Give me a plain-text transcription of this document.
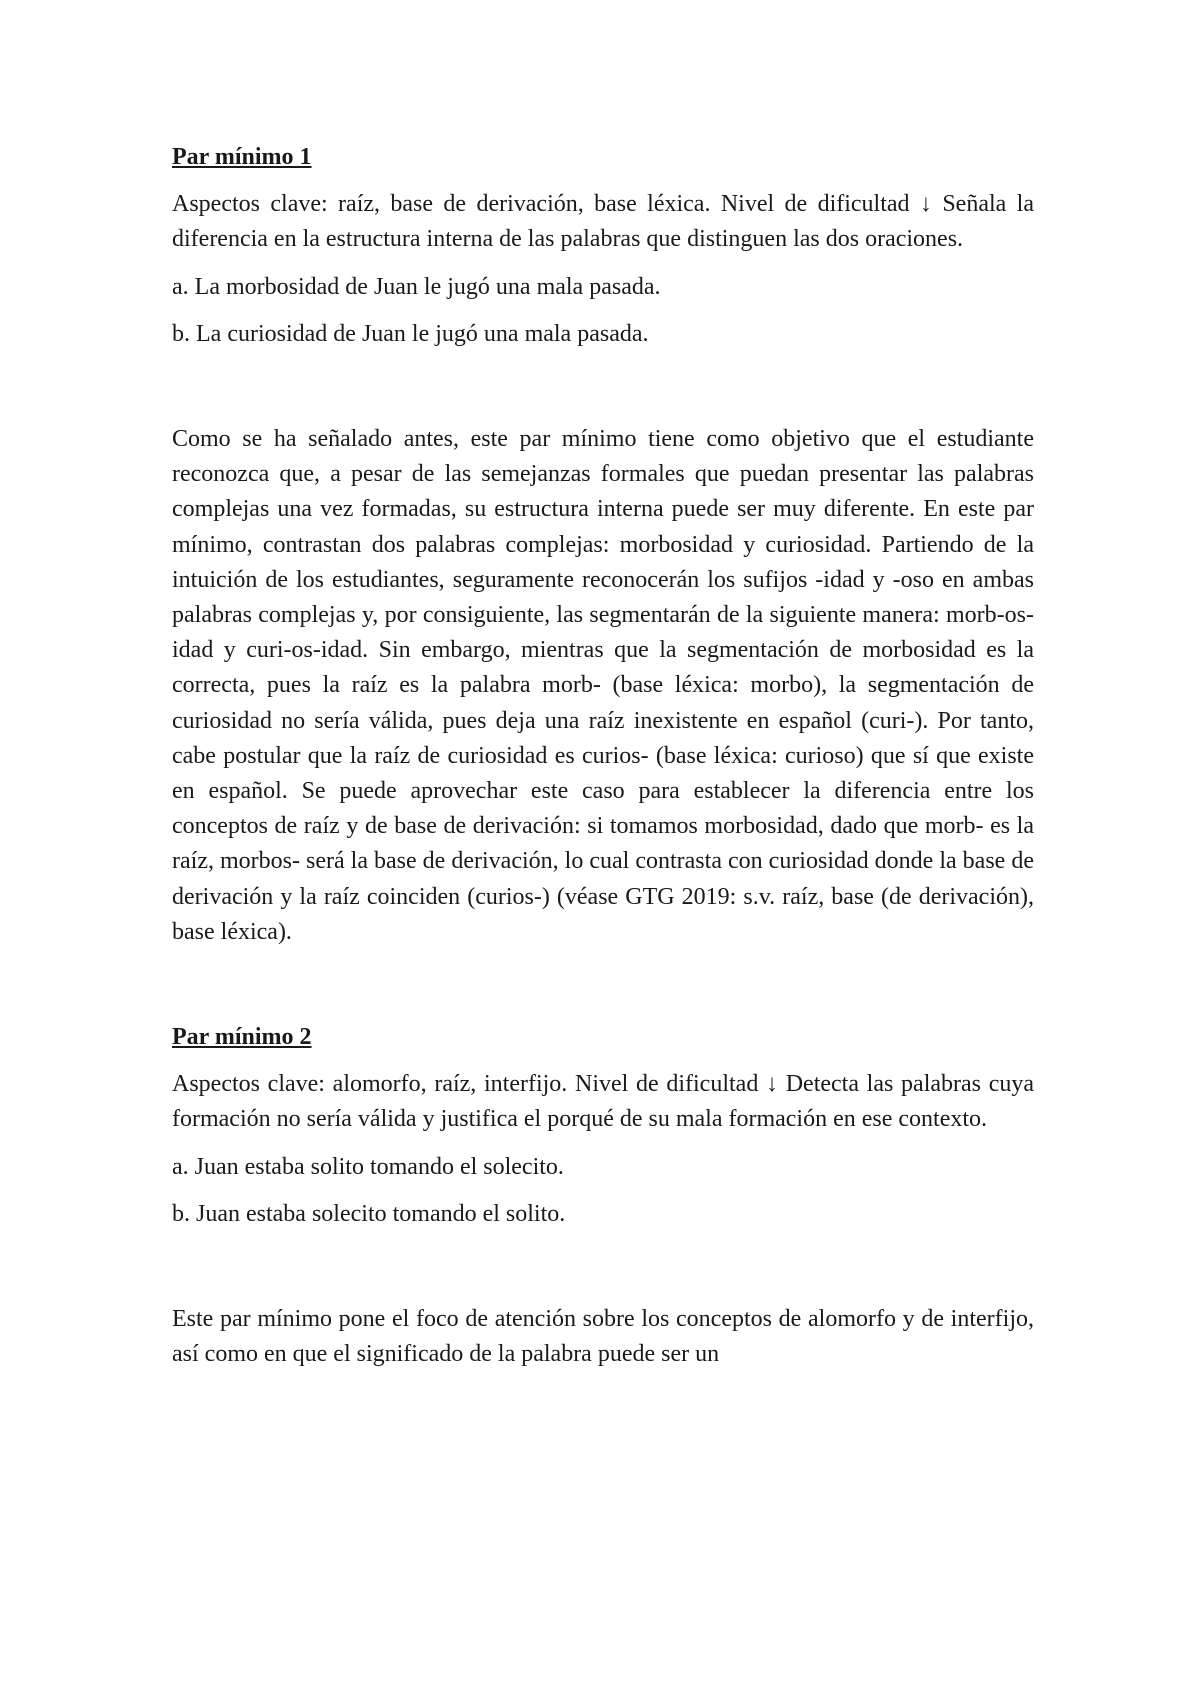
Par mínimo 1

Aspectos clave: raíz, base de derivación, base léxica. Nivel de dificultad ↓ Señala la diferencia en la estructura interna de las palabras que distinguen las dos oraciones.

a. La morbosidad de Juan le jugó una mala pasada.

b. La curiosidad de Juan le jugó una mala pasada.

Como se ha señalado antes, este par mínimo tiene como objetivo que el estudiante reconozca que, a pesar de las semejanzas formales que puedan presentar las palabras complejas una vez formadas, su estructura interna puede ser muy diferente. En este par mínimo, contrastan dos palabras complejas: morbosidad y curiosidad. Partiendo de la intuición de los estudiantes, seguramente reconocerán los sufijos -idad y -oso en ambas palabras complejas y, por consiguiente, las segmentarán de la siguiente manera: morb-os-idad y curi-os-idad. Sin embargo, mientras que la segmentación de morbosidad es la correcta, pues la raíz es la palabra morb- (base léxica: morbo), la segmentación de curiosidad no sería válida, pues deja una raíz inexistente en español (curi-). Por tanto, cabe postular que la raíz de curiosidad es curios- (base léxica: curioso) que sí que existe en español. Se puede aprovechar este caso para establecer la diferencia entre los conceptos de raíz y de base de derivación: si tomamos morbosidad, dado que morb- es la raíz, morbos- será la base de derivación, lo cual contrasta con curiosidad donde la base de derivación y la raíz coinciden (curios-) (véase GTG 2019: s.v. raíz, base (de derivación), base léxica).

Par mínimo 2

Aspectos clave: alomorfo, raíz, interfijo. Nivel de dificultad ↓ Detecta las palabras cuya formación no sería válida y justifica el porqué de su mala formación en ese contexto.

a. Juan estaba solito tomando el solecito.

b. Juan estaba solecito tomando el solito.

Este par mínimo pone el foco de atención sobre los conceptos de alomorfo y de interfijo, así como en que el significado de la palabra puede ser un
